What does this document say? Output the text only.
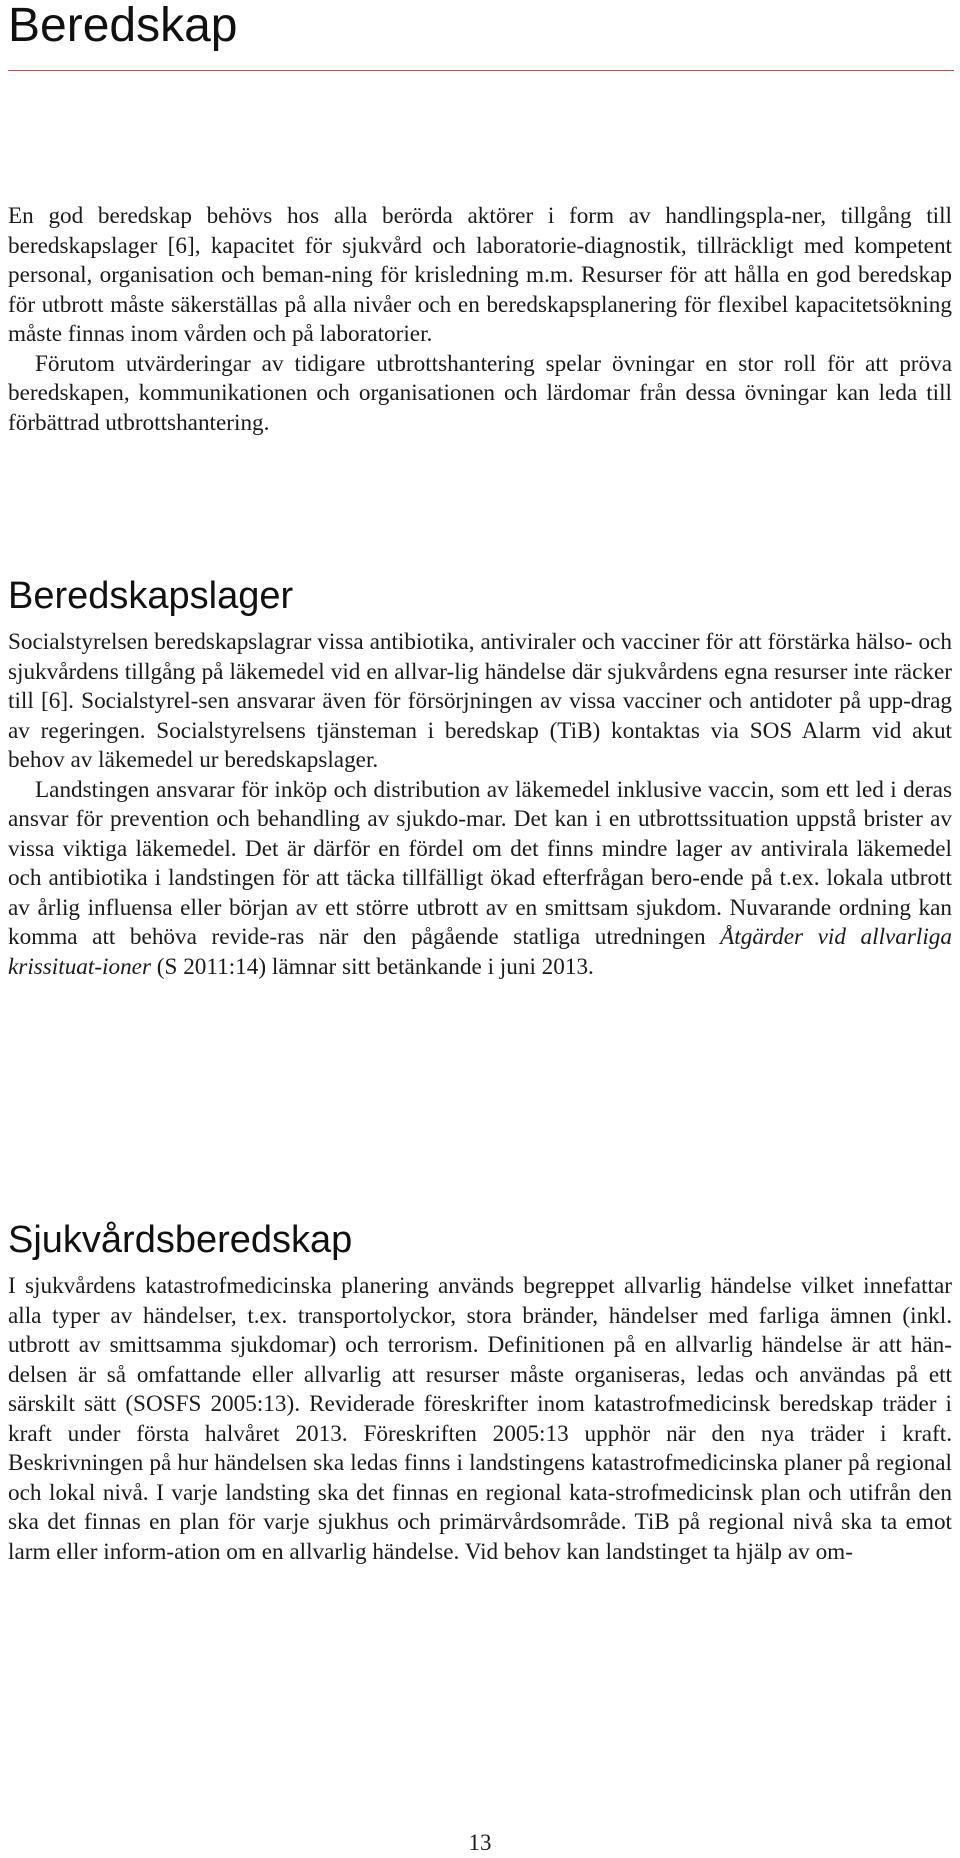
Beredskap

En god beredskap behövs hos alla berörda aktörer i form av handlingspla-ner, tillgång till beredskapslager [6], kapacitet för sjukvård och laboratorie-diagnostik, tillräckligt med kompetent personal, organisation och beman-ning för krisledning m.m. Resurser för att hålla en god beredskap för utbrott måste säkerställas på alla nivåer och en beredskapsplanering för flexibel kapacitetsökning måste finnas inom vården och på laboratorier.

Förutom utvärderingar av tidigare utbrottshantering spelar övningar en stor roll för att pröva beredskapen, kommunikationen och organisationen och lärdomar från dessa övningar kan leda till förbättrad utbrottshantering.

Beredskapslager

Socialstyrelsen beredskapslagrar vissa antibiotika, antiviraler och vacciner för att förstärka hälso- och sjukvårdens tillgång på läkemedel vid en allvar-lig händelse där sjukvårdens egna resurser inte räcker till [6]. Socialstyrel-sen ansvarar även för försörjningen av vissa vacciner och antidoter på upp-drag av regeringen. Socialstyrelsens tjänsteman i beredskap (TiB) kontaktas via SOS Alarm vid akut behov av läkemedel ur beredskapslager.

Landstingen ansvarar för inköp och distribution av läkemedel inklusive vaccin, som ett led i deras ansvar för prevention och behandling av sjukdo-mar. Det kan i en utbrottssituation uppstå brister av vissa viktiga läkemedel. Det är därför en fördel om det finns mindre lager av antivirala läkemedel och antibiotika i landstingen för att täcka tillfälligt ökad efterfrågan bero-ende på t.ex. lokala utbrott av årlig influensa eller början av ett större utbrott av en smittsam sjukdom. Nuvarande ordning kan komma att behöva revide-ras när den pågående statliga utredningen Åtgärder vid allvarliga krissituat-ioner (S 2011:14) lämnar sitt betänkande i juni 2013.

Sjukvårdsberedskap

I sjukvårdens katastrofmedicinska planering används begreppet allvarlig händelse vilket innefattar alla typer av händelser, t.ex. transportolyckor, stora bränder, händelser med farliga ämnen (inkl. utbrott av smittsamma sjukdomar) och terrorism. Definitionen på en allvarlig händelse är att hän-delsen är så omfattande eller allvarlig att resurser måste organiseras, ledas och användas på ett särskilt sätt (SOSFS 2005:13). Reviderade föreskrifter inom katastrofmedicinsk beredskap träder i kraft under första halvåret 2013. Föreskriften 2005:13 upphör när den nya träder i kraft. Beskrivningen på hur händelsen ska ledas finns i landstingens katastrofmedicinska planer på regional och lokal nivå. I varje landsting ska det finnas en regional kata-strofmedicinsk plan och utifrån den ska det finnas en plan för varje sjukhus och primärvårdsområde. TiB på regional nivå ska ta emot larm eller inform-ation om en allvarlig händelse. Vid behov kan landstinget ta hjälp av om-

13
